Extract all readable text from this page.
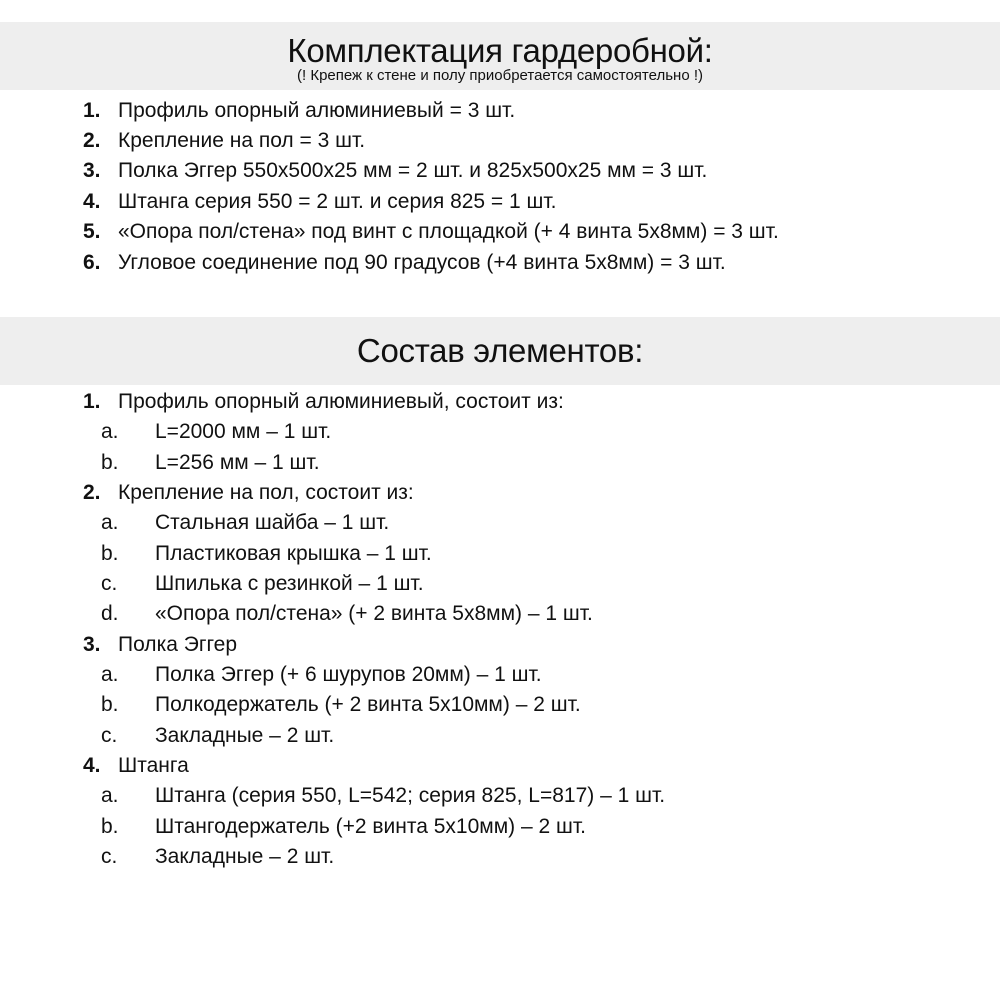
Комплектация гардеробной:
(! Крепеж к стене и полу приобретается самостоятельно !)
1. Профиль опорный алюминиевый = 3 шт.
2. Крепление на пол = 3 шт.
3. Полка Эггер 550х500х25 мм = 2 шт. и 825х500х25 мм = 3 шт.
4. Штанга серия 550 = 2 шт. и серия 825 = 1 шт.
5. «Опора пол/стена» под винт с площадкой (+ 4 винта 5х8мм) = 3 шт.
6. Угловое соединение под 90 градусов (+4 винта 5х8мм) = 3 шт.
Состав элементов:
1. Профиль опорный алюминиевый, состоит из:
a. L=2000 мм – 1 шт.
b. L=256 мм – 1 шт.
2. Крепление на пол, состоит из:
a. Стальная шайба – 1 шт.
b. Пластиковая крышка – 1 шт.
c. Шпилька с резинкой – 1 шт.
d. «Опора пол/стена» (+ 2 винта 5х8мм) – 1 шт.
3. Полка Эггер
a. Полка Эггер (+ 6 шурупов 20мм) – 1 шт.
b. Полкодержатель (+ 2 винта 5х10мм) – 2 шт.
c. Закладные – 2 шт.
4. Штанга
a. Штанга (серия 550, L=542; серия 825, L=817) – 1 шт.
b. Штангодержатель (+2 винта 5х10мм) – 2 шт.
c. Закладные – 2 шт.
